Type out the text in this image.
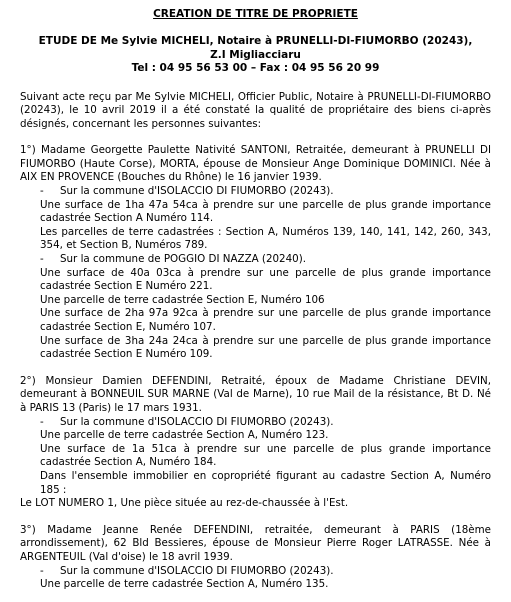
CREATION DE TITRE DE PROPRIETE

ETUDE DE Me Sylvie MICHELI, Notaire à PRUNELLI-DI-FIUMORBO (20243),
Z.I Migliacciaru
Tel : 04 95 56 53 00 – Fax : 04 95 56 20 99

Suivant acte reçu par Me Sylvie MICHELI, Officier Public, Notaire à PRUNELLI-DI-FIUMORBO (20243), le 10 avril 2019 il a été constaté la qualité de propriétaire des biens ci-après désignés, concernant les personnes suivantes:

1°) Madame Georgette Paulette Nativité SANTONI, Retraitée, demeurant à PRUNELLI DI FIUMORBO (Haute Corse), MORTA, épouse de Monsieur Ange Dominique DOMINICI. Née à AIX EN PROVENCE (Bouches du Rhône) le 16 janvier 1939.

- Sur la commune d'ISOLACCIO DI FIUMORBO (20243).

Une surface de 1ha 47a 54ca à prendre sur une parcelle de plus grande importance cadastrée Section A Numéro 114.

Les parcelles de terre cadastrées : Section A, Numéros 139, 140, 141, 142, 260, 343, 354, et Section B, Numéros 789.

- Sur la commune de POGGIO DI NAZZA (20240).

Une surface de 40a 03ca à prendre sur une parcelle de plus grande importance cadastrée Section E Numéro 221.

Une parcelle de terre cadastrée Section E, Numéro 106

Une surface de 2ha 97a 92ca à prendre sur une parcelle de plus grande importance cadastrée Section E, Numéro 107.

Une surface de 3ha 24a 24ca à prendre sur une parcelle de plus grande importance cadastrée Section E Numéro 109.

2°) Monsieur Damien DEFENDINI, Retraité, époux de Madame Christiane DEVIN, demeurant à BONNEUIL SUR MARNE (Val de Marne), 10 rue Mail de la résistance, Bt D. Né à PARIS 13 (Paris) le 17 mars 1931.

- Sur la commune d'ISOLACCIO DI FIUMORBO (20243).

Une parcelle de terre cadastrée Section A, Numéro 123.

Une surface de 1a 51ca à prendre sur une parcelle de plus grande importance cadastrée Section A, Numéro 184.

Dans l'ensemble immobilier en copropriété figurant au cadastre Section A, Numéro 185 :

Le LOT NUMERO 1, Une pièce située au rez-de-chaussée à l'Est.

3°) Madame Jeanne Renée DEFENDINI, retraitée, demeurant à PARIS (18ème arrondissement), 62 Bld Bessieres, épouse de Monsieur Pierre Roger LATRASSE. Née à ARGENTEUIL (Val d'oise) le 18 avril 1939.

- Sur la commune d'ISOLACCIO DI FIUMORBO (20243).

Une parcelle de terre cadastrée Section A, Numéro 135.
